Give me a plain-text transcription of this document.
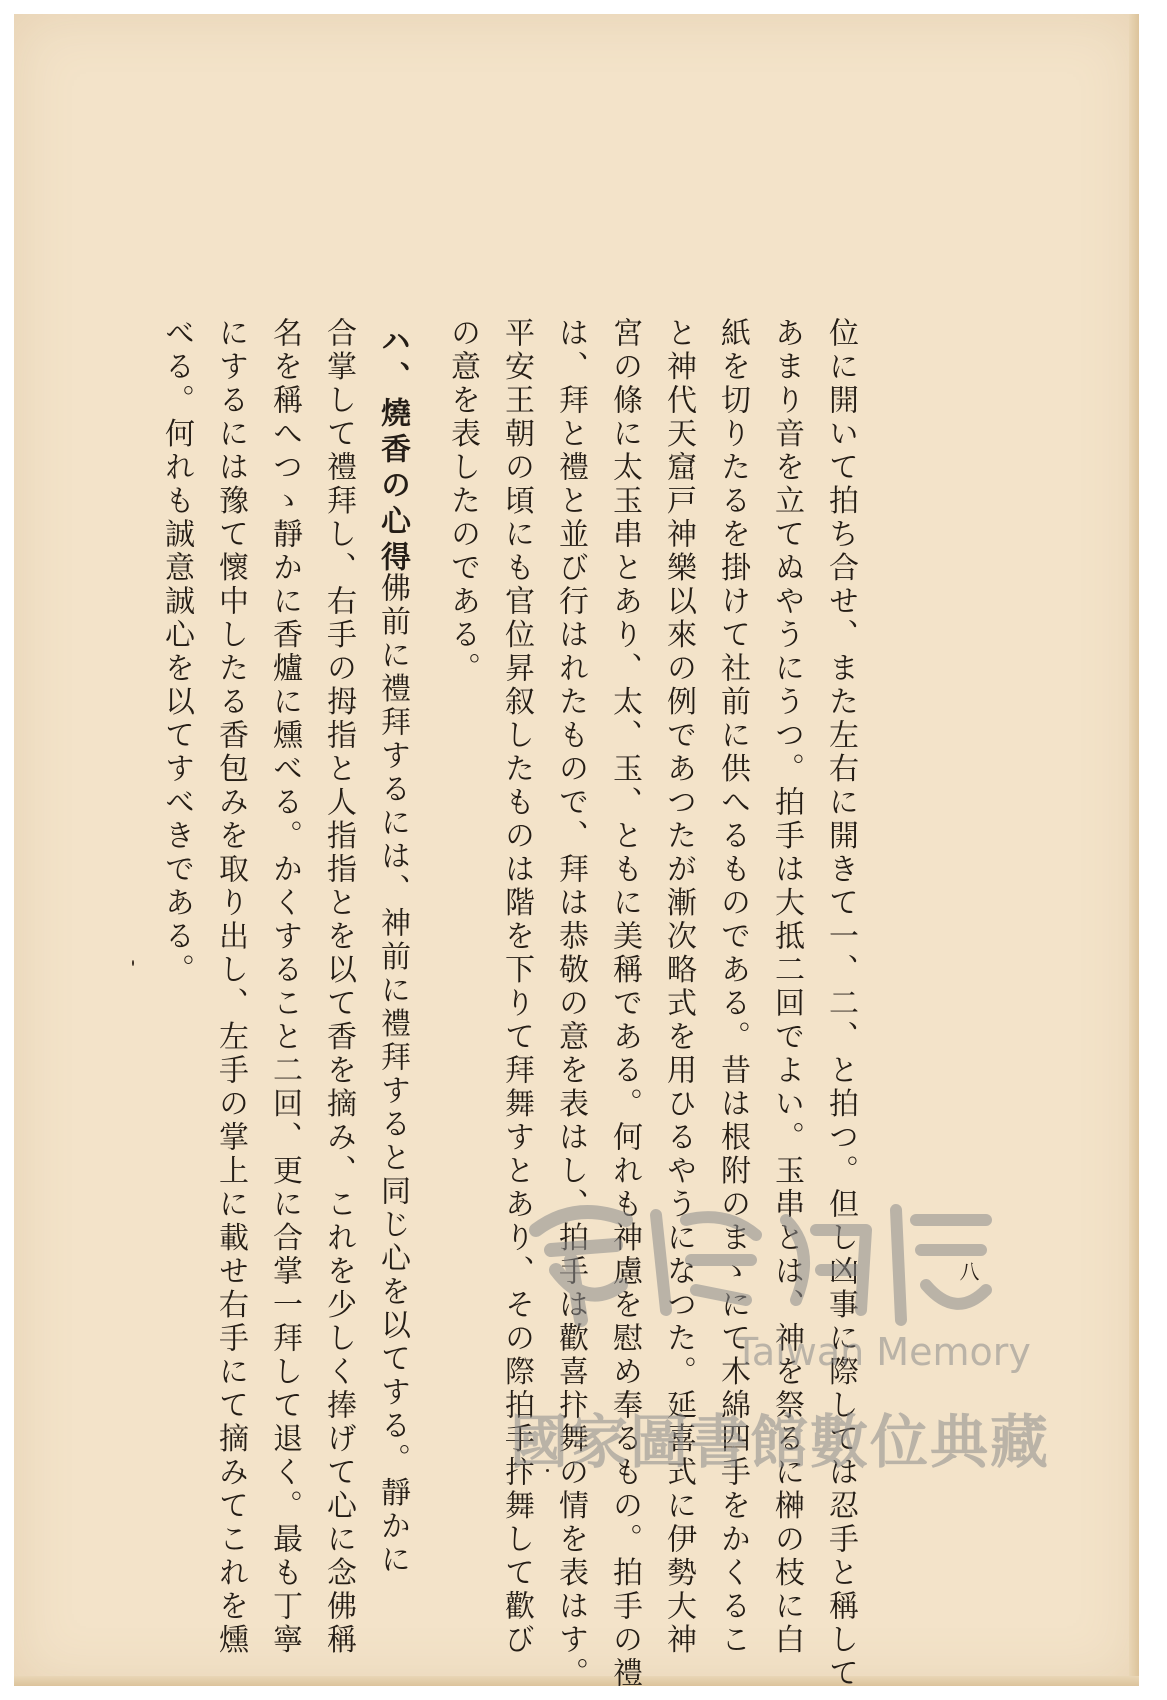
八
位に開いて拍ち合せ、また左右に開きて一、二、と拍つ。但し凶事に際しては忍手と稱して
あまり音を立てぬやうにうつ。拍手は大抵二回でよい。玉串とは、神を祭るに榊の枝に白
紙を切りたるを掛けて社前に供へるものである。昔は根附のまゝにて木綿四手をかくるこ
と神代天窟戸神樂以來の例であつたが漸次略式を用ひるやうになつた。延喜式に伊勢大神
宮の條に太玉串とあり、太、玉、ともに美稱である。何れも神慮を慰め奉るもの。拍手の禮
は、拜と禮と並び行はれたもので、拜は恭敬の意を表はし、拍手は歡喜抃舞の情を表はす。
平安王朝の頃にも官位昇叙したものは階を下りて拜舞すとあり、その際拍手抃舞して歡び
の意を表したのである。
ハ、燒香の心得
佛前に禮拜するには、神前に禮拜すると同じ心を以てする。靜かに
合掌して禮拜し、右手の拇指と人指指とを以て香を摘み、これを少しく捧げて心に念佛稱
名を稱へつゝ靜かに香爐に燻べる。かくすること二回、更に合掌一拜して退く。最も丁寧
にするには豫て懷中したる香包みを取り出し、左手の掌上に載せ右手にて摘みてこれを燻
べる。何れも誠意誠心を以てすべきである。
Taiwan Memory
國家圖書館數位典藏
